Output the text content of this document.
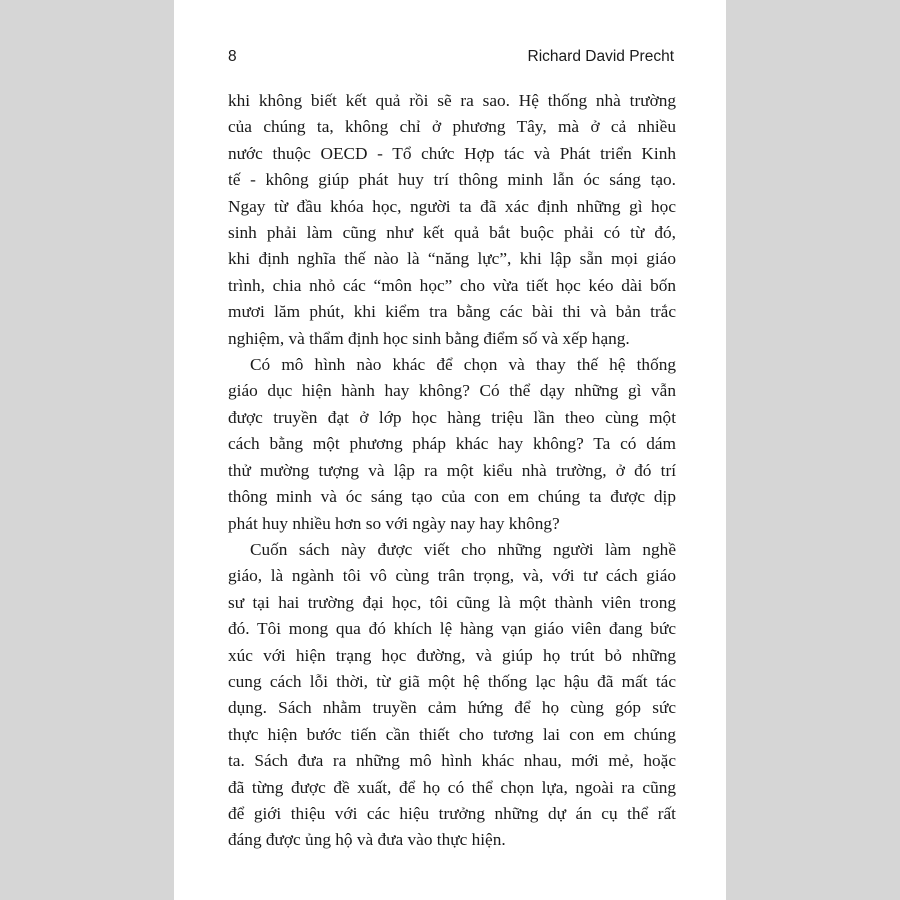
8	Richard David Precht

khi không biết kết quả rồi sẽ ra sao. Hệ thống nhà trường
của chúng ta, không chỉ ở phương Tây, mà ở cả nhiều
nước thuộc OECD - Tổ chức Hợp tác và Phát triển Kinh
tế - không giúp phát huy trí thông minh lẫn óc sáng tạo.
Ngay từ đầu khóa học, người ta đã xác định những gì học
sinh phải làm cũng như kết quả bắt buộc phải có từ đó,
khi định nghĩa thế nào là “năng lực”, khi lập sẵn mọi giáo
trình, chia nhỏ các “môn học” cho vừa tiết học kéo dài bốn
mươi lăm phút, khi kiểm tra bằng các bài thi và bản trắc
nghiệm, và thẩm định học sinh bằng điểm số và xếp hạng.

Có mô hình nào khác để chọn và thay thế hệ thống
giáo dục hiện hành hay không? Có thể dạy những gì vẫn
được truyền đạt ở lớp học hàng triệu lần theo cùng một
cách bằng một phương pháp khác hay không? Ta có dám
thử mường tượng và lập ra một kiểu nhà trường, ở đó trí
thông minh và óc sáng tạo của con em chúng ta được dịp
phát huy nhiều hơn so với ngày nay hay không?

Cuốn sách này được viết cho những người làm nghề
giáo, là ngành tôi vô cùng trân trọng, và, với tư cách giáo
sư tại hai trường đại học, tôi cũng là một thành viên trong
đó. Tôi mong qua đó khích lệ hàng vạn giáo viên đang bức
xúc với hiện trạng học đường, và giúp họ trút bỏ những
cung cách lỗi thời, từ giã một hệ thống lạc hậu đã mất tác
dụng. Sách nhằm truyền cảm hứng để họ cùng góp sức
thực hiện bước tiến cần thiết cho tương lai con em chúng
ta. Sách đưa ra những mô hình khác nhau, mới mẻ, hoặc
đã từng được đề xuất, để họ có thể chọn lựa, ngoài ra cũng
để giới thiệu với các hiệu trưởng những dự án cụ thể rất
đáng được ủng hộ và đưa vào thực hiện.
